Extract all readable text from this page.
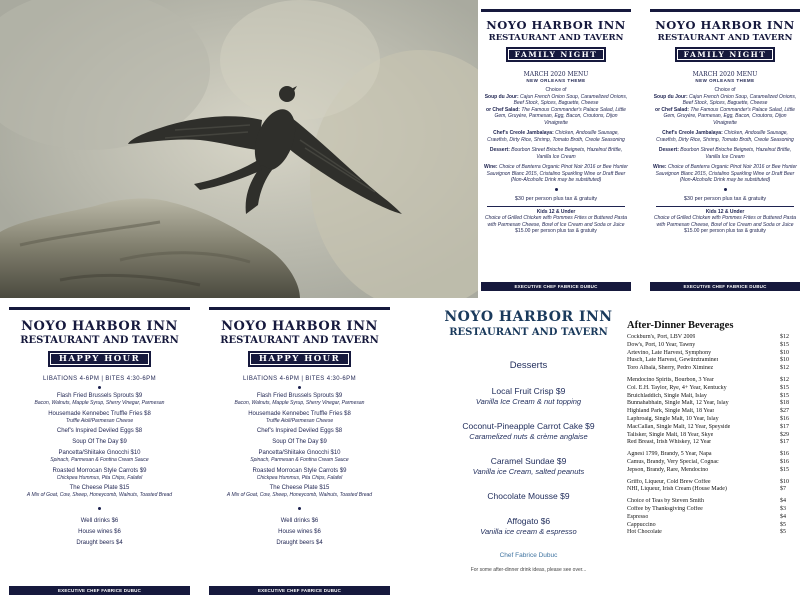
NOYO HARBOR INN
RESTAURANT AND TAVERN
FAMILY NIGHT
MARCH 2020 MENU
NEW ORLEANS THEME
Choice of
Soup du Jour: Cajun French Onion Soup, Caramelized Onions, Beef Stock, Spices, Baguette, Cheese
or Chef Salad: The Famous Commander's Palace Salad, Little Gem, Gruyère, Parmesan, Egg, Bacon, Croutons, Dijon Vinaigrette
Chef's Creole Jambalaya: Chicken, Andouille Sausage, Crawfish, Dirty Rice, Shrimp, Tomato Broth, Creole Seasoning
Dessert: Bourbon Street Brioche Beignets, Hazelnut Brittle, Vanilla Ice Cream
Wine: Choice of Banterra Organic Pinot Noir 2016 or Bee Hunter Sauvignon Blanc 2015, Cristalino Sparkling Wine or Draft Beer (Non-Alcoholic Drink may be substituted)
$30 per person plus tax & gratuity
Kids 12 & Under
Choice of Grilled Chicken with Pommes Frites or Buttered Pasta with Parmesan Cheese, Bowl of Ice Cream and Soda or Juice
$15.00 per person plus tax & gratuity
EXECUTIVE CHEF FABRICE DUBUC
NOYO HARBOR INN
RESTAURANT AND TAVERN
FAMILY NIGHT
MARCH 2020 MENU
NEW ORLEANS THEME
Choice of
Soup du Jour: Cajun French Onion Soup, Caramelized Onions, Beef Stock, Spices, Baguette, Cheese
or Chef Salad: The Famous Commander's Palace Salad, Little Gem, Gruyère, Parmesan, Egg, Bacon, Croutons, Dijon Vinaigrette
Chef's Creole Jambalaya: Chicken, Andouille Sausage, Crawfish, Dirty Rice, Shrimp, Tomato Broth, Creole Seasoning
Dessert: Bourbon Street Brioche Beignets, Hazelnut Brittle, Vanilla Ice Cream
Wine: Choice of Banterra Organic Pinot Noir 2016 or Bee Hunter Sauvignon Blanc 2015, Cristalino Sparkling Wine or Draft Beer (Non-Alcoholic Drink may be substituted)
$30 per person plus tax & gratuity
Kids 12 & Under
Choice of Grilled Chicken with Pommes Frites or Buttered Pasta with Parmesan Cheese, Bowl of Ice Cream and Soda or Juice
$15.00 per person plus tax & gratuity
EXECUTIVE CHEF FABRICE DUBUC
NOYO HARBOR INN
RESTAURANT AND TAVERN
HAPPY HOUR
LIBATIONS 4-6PM | BITES 4:30-6PM
Flash Fried Brussels Sprouts $9
Bacon, Walnuts, Mapple Syrup, Sherry Vinegar, Parmesan
Housemade Kennebec Truffle Fries $8
Truffle Aioli/Parmesan Cheese
Chef's Inspired Deviled Eggs $8
Soup Of The Day $9
Pancetta/Shiitake Gnocchi $10
Spinach, Parmesan & Fontina Cream Sauce
Roasted Morrocan Style Carrots $9
Chickpea Hummus, Pita Chips, Falafel
The Cheese Plate $15
A Mix of Goat, Cow, Sheep, Honeycomb, Walnuts, Toasted Bread
Well drinks $6
House wines $6
Draught beers $4
EXECUTIVE CHEF FABRICE DUBUC
NOYO HARBOR INN
RESTAURANT AND TAVERN
HAPPY HOUR
LIBATIONS 4-6PM | BITES 4:30-6PM
Flash Fried Brussels Sprouts $9
Bacon, Walnuts, Mapple Syrup, Sherry Vinegar, Parmesan
Housemade Kennebec Truffle Fries $8
Truffle Aioli/Parmesan Cheese
Chef's Inspired Deviled Eggs $8
Soup Of The Day $9
Pancetta/Shiitake Gnocchi $10
Spinach, Parmesan & Fontina Cream Sauce
Roasted Morrocan Style Carrots $9
Chickpea Hummus, Pita Chips, Falafel
The Cheese Plate $15
A Mix of Goat, Cow, Sheep, Honeycomb, Walnuts, Toasted Bread
Well drinks $6
House wines $6
Draught beers $4
EXECUTIVE CHEF FABRICE DUBUC
NOYO HARBOR INN
RESTAURANT AND TAVERN
Desserts
Local Fruit Crisp $9
Vanilla Ice Cream & nut topping
Coconut-Pineapple Carrot Cake $9
Caramelized nuts & crème anglaise
Caramel Sundae $9
Vanilla ice Cream, salted peanuts
Chocolate Mousse $9
Affogato $6
Vanilla ice cream & espresso
Chef Fabrice Dubuc
For some after-dinner drink ideas, please see over...
After-Dinner Beverages
Cockburn's, Port, LBV 2009	$12
Dow's, Port, 10 Year, Tawny	$15
Artevino, Late Harvest, Symphony	$10
Husch, Late Harvest, Gewürztraminer	$10
Toro Albalá, Sherry, Pedro Ximinez	$12
Mendocino Spirits, Bourbon, 3 Year	$12
Col. E.H. Taylor, Rye, 4+ Year, Kentucky	$15
Bruichladdich, Single Malt, Islay	$15
Bunnahabhain, Single Malt, 12 Year, Islay	$18
Highland Park, Single Malt, 18 Year	$27
Laphroaig, Single Malt, 10 Year, Islay	$16
MacCallan, Single Malt, 12 Year, Speyside	$17
Talisker, Single Malt, 18 Year, Skye	$29
Red Breast, Irish Whiskey, 12 Year	$17
Agnesi 1799, Brandy, 5 Year, Napa	$16
Camus, Brandy, Very Special, Cognac	$16
Jepson, Brandy, Rare, Mendocino	$15
Griffo, Liqueur, Cold Brew Coffee	$10
NHI, Liqueur, Irish Cream (House Made)	$7
Choice of Teas by Steven Smith	$4
Coffee by Thanksgiving Coffee	$3
Espresso	$4
Cappuccino	$5
Hot Chocolate	$5
